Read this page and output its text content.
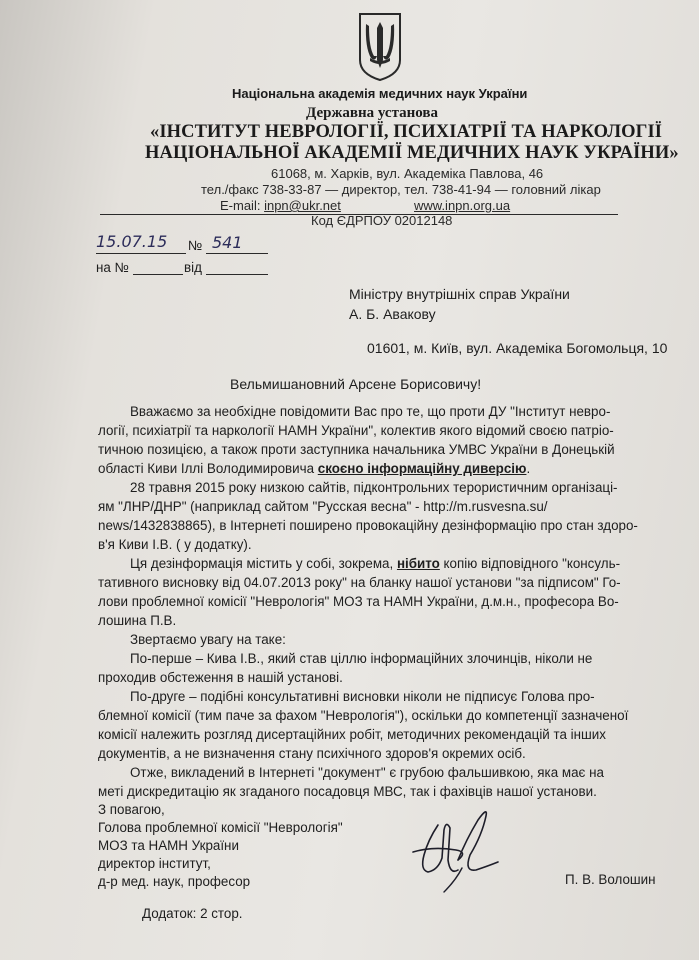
Національна академія медичних наук України
Державна установа
«ІНСТИТУТ НЕВРОЛОГІЇ, ПСИХІАТРІЇ ТА НАРКОЛОГІЇ
НАЦІОНАЛЬНОЇ АКАДЕМІЇ МЕДИЧНИХ НАУК УКРАЇНИ»
61068, м. Харків, вул. Академіка Павлова, 46
тел./факс 738-33-87 — директор, тел. 738-41-94 — головний лікар
E-mail: inpn@ukr.net	www.inpn.org.ua
Код ЄДРПОУ 02012148
15.07.15 № 541
на №	від
Міністру внутрішніх справ України
А. Б. Авакову
01601, м. Київ, вул. Академіка Богомольця, 10
Вельмишановний Арсене Борисовичу!
Вважаємо за необхідне повідомити Вас про те, що проти ДУ "Інститут невро-
логії, психіатрії та наркології НАМН України", колектив якого відомий своєю патріо-
тичною позицією, а також проти заступника начальника УМВС України в Донецькій
області Киви Іллі Володимировича скоєно інформаційну диверсію.
28 травня 2015 року низкою сайтів, підконтрольних терористичним організаці-
ям "ЛНР/ДНР" (наприклад сайтом "Русская весна" - http://m.rusvesna.su/
news/1432838865), в Інтернеті поширено провокаційну дезінформацію про стан здоро-
в'я Киви І.В. ( у додатку).
Ця дезінформація містить у собі, зокрема, нібито копію відповідного "консуль-
тативного висновку від 04.07.2013 року" на бланку нашої установи "за підписом" Го-
лови проблемної комісії "Неврологія" МОЗ та НАМН України, д.м.н., професора Во-
лошина П.В.
Звертаємо увагу на таке:
По-перше – Кива І.В., який став ціллю інформаційних злочинців, ніколи не
проходив обстеження в нашій установі.
По-друге – подібні консультативні висновки ніколи не підписує Голова про-
блемної комісії (тим паче за фахом "Неврологія"), оскільки до компетенції зазначеної
комісії належить розгляд дисертаційних робіт, методичних рекомендацій та інших
документів, а не визначення стану психічного здоров'я окремих осіб.
Отже, викладений в Інтернеті "документ" є грубою фальшивкою, яка має на
меті дискредитацію як згаданого посадовця МВС, так і фахівців нашої установи.
З повагою,
Голова проблемної комісії "Неврологія"
МОЗ та НАМН України
директор інститут,
д-р мед. наук, професор	П. В. Волошин
Додаток: 2 стор.
